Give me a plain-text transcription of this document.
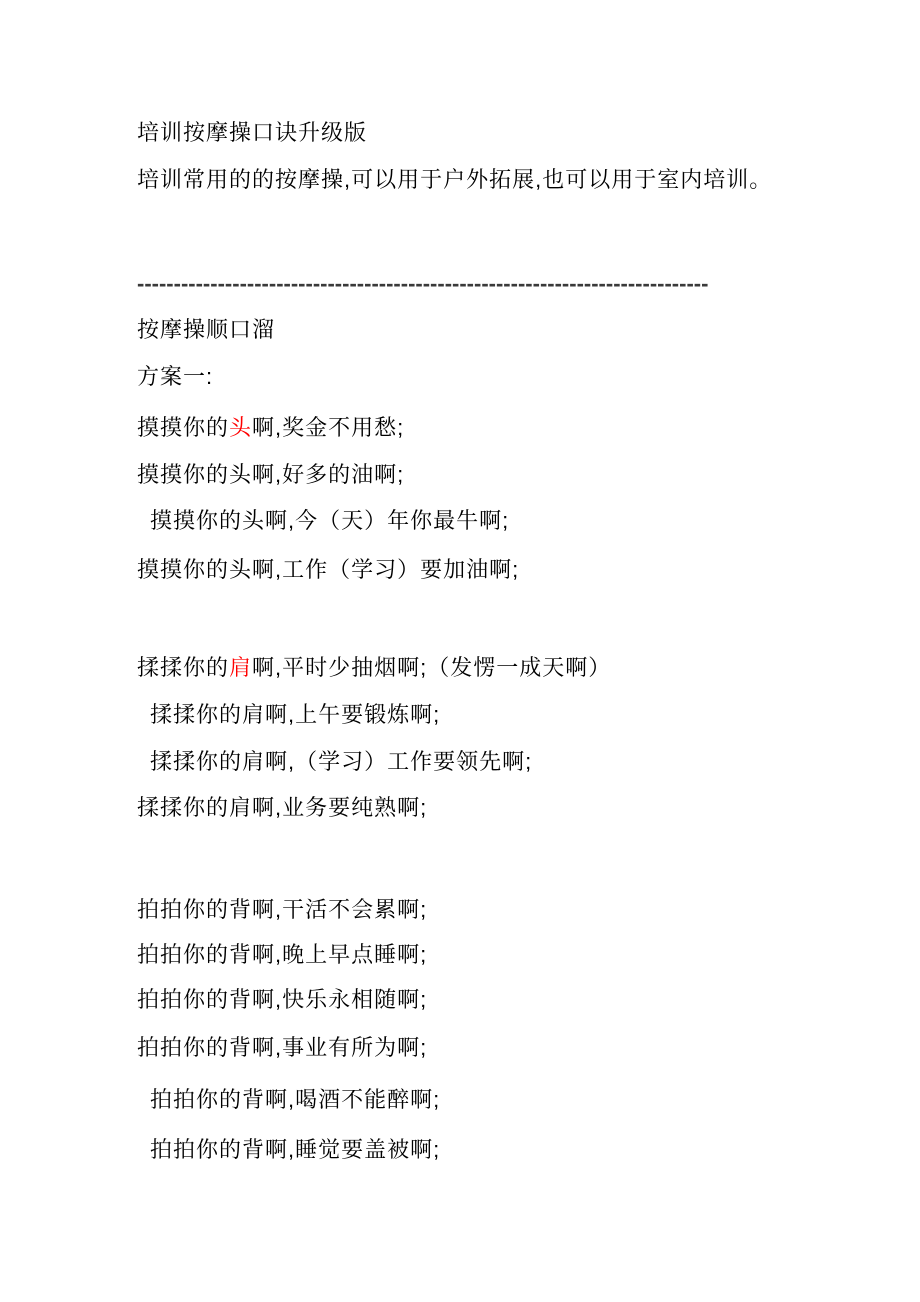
培训按摩操口诀升级版
培训常用的的按摩操,可以用于户外拓展,也可以用于室内培训。
------------------------------------------------------------------------------
按摩操顺口溜
方案一:
摸摸你的头啊,奖金不用愁;
摸摸你的头啊,好多的油啊;
摸摸你的头啊,今（天）年你最牛啊;
摸摸你的头啊,工作（学习）要加油啊;
揉揉你的肩啊,平时少抽烟啊;（发愣一成天啊）
揉揉你的肩啊,上午要锻炼啊;
揉揉你的肩啊,（学习）工作要领先啊;
揉揉你的肩啊,业务要纯熟啊;
拍拍你的背啊,干活不会累啊;
拍拍你的背啊,晚上早点睡啊;
拍拍你的背啊,快乐永相随啊;
拍拍你的背啊,事业有所为啊;
拍拍你的背啊,喝酒不能醉啊;
拍拍你的背啊,睡觉要盖被啊;
